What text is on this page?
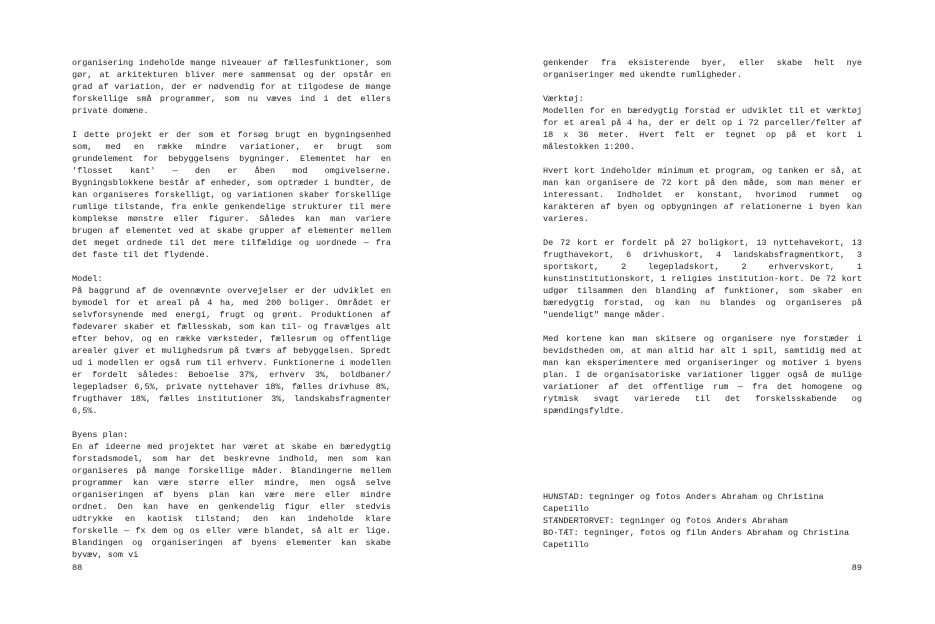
organisering indeholde mange niveauer af fællesfunktioner, som gør, at arkitekturen bliver mere sammensat og der opstår en grad af variation, der er nødvendig for at tilgodese de mange forskellige små programmer, som nu væves ind i det ellers private domæne.

I dette projekt er der som et forsøg brugt en bygningsenhed som, med en række mindre variationer, er brugt som grundelement for bebyggelsens bygninger. Elementet har en 'flosset kant' — den er åben mod omgivelserne. Bygningsblokkene består af enheder, som optræder i bundter, de kan organiseres forskelligt, og variationen skaber forskellige rumlige tilstande, fra enkle genkendelige strukturer til mere komplekse mønstre eller figurer. Således kan man variere brugen af elementet ved at skabe grupper af elementer mellem det meget ordnede til det mere tilfældige og uordnede — fra det faste til det flydende.

Model:

På baggrund af de ovennævnte overvejelser er der udviklet en bymodel for et areal på 4 ha, med 200 boliger. Området er selvforsynende med energi, frugt og grønt. Produktionen af fødevarer skaber et fællesskab, som kan til- og fravælges alt efter behov, og en række værksteder, fællesrum og offentlige arealer giver et mulighedsrum på tværs af bebyggelsen. Spredt ud i modellen er også rum til erhverv. Funktionerne i modellen er fordelt således: Beboelse 37%, erhverv 3%, boldbaner/ legepladser 6,5%, private nyttehaver 18%, fælles drivhuse 8%, frugthaver 18%, fælles institutioner 3%, landskabsfragmenter 6,5%.

Byens plan:

En af ideerne med projektet har været at skabe en bæredygtig forstadsmodel, som har det beskrevne indhold, men som kan organiseres på mange forskellige måder. Blandingerne mellem programmer kan være større eller mindre, men også selve organiseringen af byens plan kan være mere eller mindre ordnet. Den kan have en genkendelig figur eller stedvis udtrykke en kaotisk tilstand; den kan indeholde klare forskelle — fx dem og os eller være blandet, så alt er lige. Blandingen og organiseringen af byens elementer kan skabe byvæv, som vi

genkender fra eksisterende byer, eller skabe helt nye organiseringer med ukendte rumligheder.

Værktøj:

Modellen for en bæredygtig forstad er udviklet til et værktøj for et areal på 4 ha, der er delt op i 72 parceller/felter af 18 x 36 meter. Hvert felt er tegnet op på et kort i målestokken 1:200.

Hvert kort indeholder minimum et program, og tanken er så, at man kan organisere de 72 kort på den måde, som man mener er interessant. Indholdet er konstant, hvorimod rummet og karakteren af byen og opbygningen af relationerne i byen kan varieres.

De 72 kort er fordelt på 27 boligkort, 13 nyttehavekort, 13 frugthavekort, 6 drivhuskort, 4 landskabsfragmentkort, 3 sportskort, 2 legepladskort, 2 erhvervskort, 1 kunstinstitutionskort, 1 religiøs institution-kort. De 72 kort udgør tilsammen den blanding af funktioner, som skaber en bæredygtig forstad, og kan nu blandes og organiseres på "uendeligt" mange måder.

Med kortene kan man skitsere og organisere nye forstæder i bevidstheden om, at man altid har alt i spil, samtidig med at man kan eksperimentere med organiseringer og motiver i byens plan. I de organisatoriske variationer ligger også de mulige variationer af det offentlige rum — fra det homogene og rytmisk svagt varierede til det forskelsskabende og spændingsfyldte.

HUNSTAD: tegninger og fotos Anders Abraham og Christina Capetillo

STÆNDERTORVET: tegninger og fotos Anders Abraham

BO-TÆT: tegninger, fotos og film Anders Abraham og Christina Capetillo

88	89
